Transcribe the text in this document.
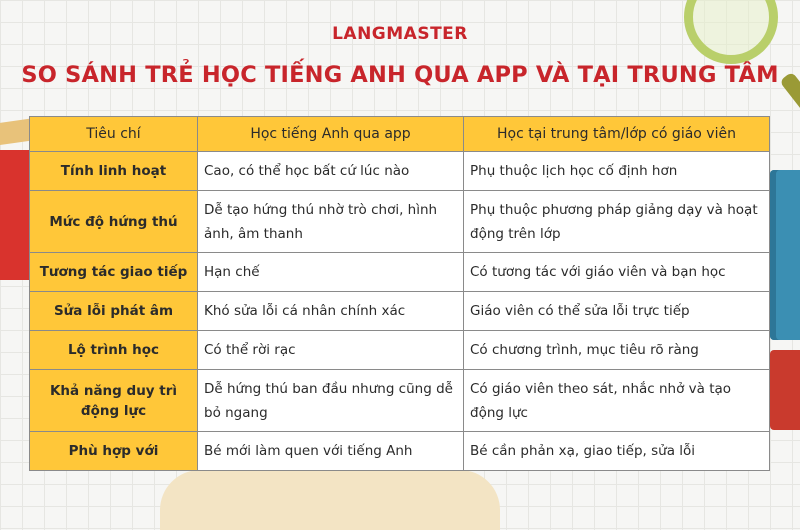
LANGMASTER
SO SÁNH TRẺ HỌC TIẾNG ANH QUA APP VÀ TẠI TRUNG TÂM
Tiêu chí	Học tiếng Anh qua app	Học tại trung tâm/lớp có giáo viên
Tính linh hoạt	Cao, có thể học bất cứ lúc nào	Phụ thuộc lịch học cố định hơn
Mức độ hứng thú	Dễ tạo hứng thú nhờ trò chơi, hình ảnh, âm thanh	Phụ thuộc phương pháp giảng dạy và hoạt động trên lớp
Tương tác giao tiếp	Hạn chế	Có tương tác với giáo viên và bạn học
Sửa lỗi phát âm	Khó sửa lỗi cá nhân chính xác	Giáo viên có thể sửa lỗi trực tiếp
Lộ trình học	Có thể rời rạc	Có chương trình, mục tiêu rõ ràng
Khả năng duy trì động lực	Dễ hứng thú ban đầu nhưng cũng dễ bỏ ngang	Có giáo viên theo sát, nhắc nhở và tạo động lực
Phù hợp với	Bé mới làm quen với tiếng Anh	Bé cần phản xạ, giao tiếp, sửa lỗi
